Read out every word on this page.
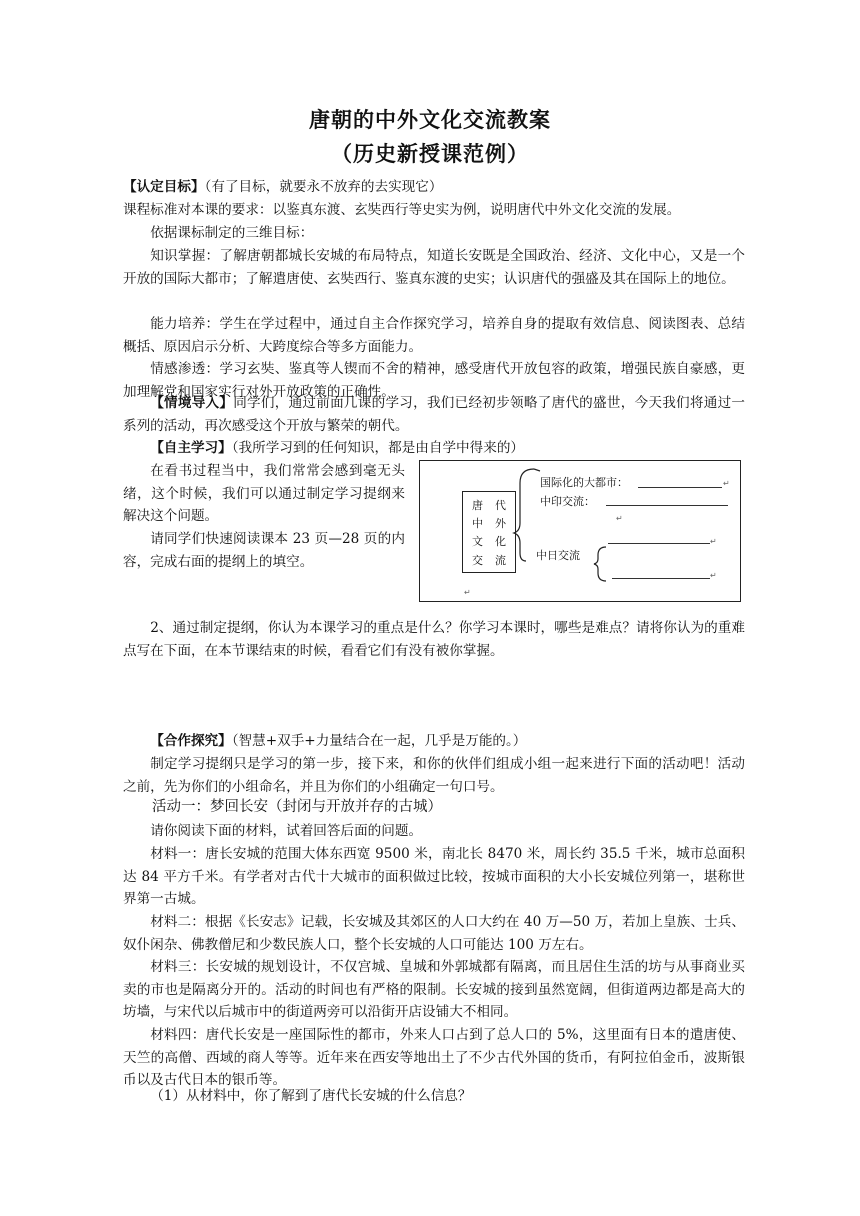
唐朝的中外文化交流教案
（历史新授课范例）

【认定目标】（有了目标，就要永不放弃的去实现它）

课程标准对本课的要求：以鉴真东渡、玄奘西行等史实为例，说明唐代中外文化交流的发展。

依据课标制定的三维目标：

知识掌握：了解唐朝都城长安城的布局特点，知道长安既是全国政治、经济、文化中心，又是一个开放的国际大都市；了解遣唐使、玄奘西行、鉴真东渡的史实；认识唐代的强盛及其在国际上的地位。

能力培养：学生在学过程中，通过自主合作探究学习，培养自身的提取有效信息、阅读图表、总结概括、原因启示分析、大跨度综合等多方面能力。

情感渗透：学习玄奘、鉴真等人锲而不舍的精神，感受唐代开放包容的政策，增强民族自豪感，更加理解党和国家实行对外开放政策的正确性。

【情境导入】同学们，通过前面几课的学习，我们已经初步领略了唐代的盛世，今天我们将通过一系列的活动，再次感受这个开放与繁荣的朝代。

【自主学习】（我所学习到的任何知识，都是由自学中得来的）

在看书过程当中，我们常常会感到毫无头绪，这个时候，我们可以通过制定学习提纲来解决这个问题。

请同学们快速阅读课本 23 页—28 页的内容，完成右面的提纲上的填空。

唐 代
中 外
文 化
交 流
国际化的大都市：	↵
中印交流：
↵
中日交流
↵
↵
↵

2、通过制定提纲，你认为本课学习的重点是什么？你学习本课时，哪些是难点？请将你认为的重难点写在下面，在本节课结束的时候，看看它们有没有被你掌握。

【合作探究】（智慧+双手+力量结合在一起，几乎是万能的。）

制定学习提纲只是学习的第一步，接下来，和你的伙伴们组成小组一起来进行下面的活动吧！活动之前，先为你们的小组命名，并且为你们的小组确定一句口号。

活动一：梦回长安（封闭与开放并存的古城）

请你阅读下面的材料，试着回答后面的问题。

材料一：唐长安城的范围大体东西宽 9500 米，南北长 8470 米，周长约 35.5 千米，城市总面积达 84 平方千米。有学者对古代十大城市的面积做过比较，按城市面积的大小长安城位列第一，堪称世界第一古城。

材料二：根据《长安志》记载，长安城及其郊区的人口大约在 40 万—50 万，若加上皇族、士兵、奴仆闲杂、佛教僧尼和少数民族人口，整个长安城的人口可能达 100 万左右。

材料三：长安城的规划设计，不仅宫城、皇城和外郭城都有隔离，而且居住生活的坊与从事商业买卖的市也是隔离分开的。活动的时间也有严格的限制。长安城的接到虽然宽阔，但街道两边都是高大的坊墙，与宋代以后城市中的街道两旁可以沿街开店设铺大不相同。

材料四：唐代长安是一座国际性的都市，外来人口占到了总人口的 5%，这里面有日本的遣唐使、天竺的高僧、西域的商人等等。近年来在西安等地出土了不少古代外国的货币，有阿拉伯金币，波斯银币以及古代日本的银币等。

（1）从材料中，你了解到了唐代长安城的什么信息？
